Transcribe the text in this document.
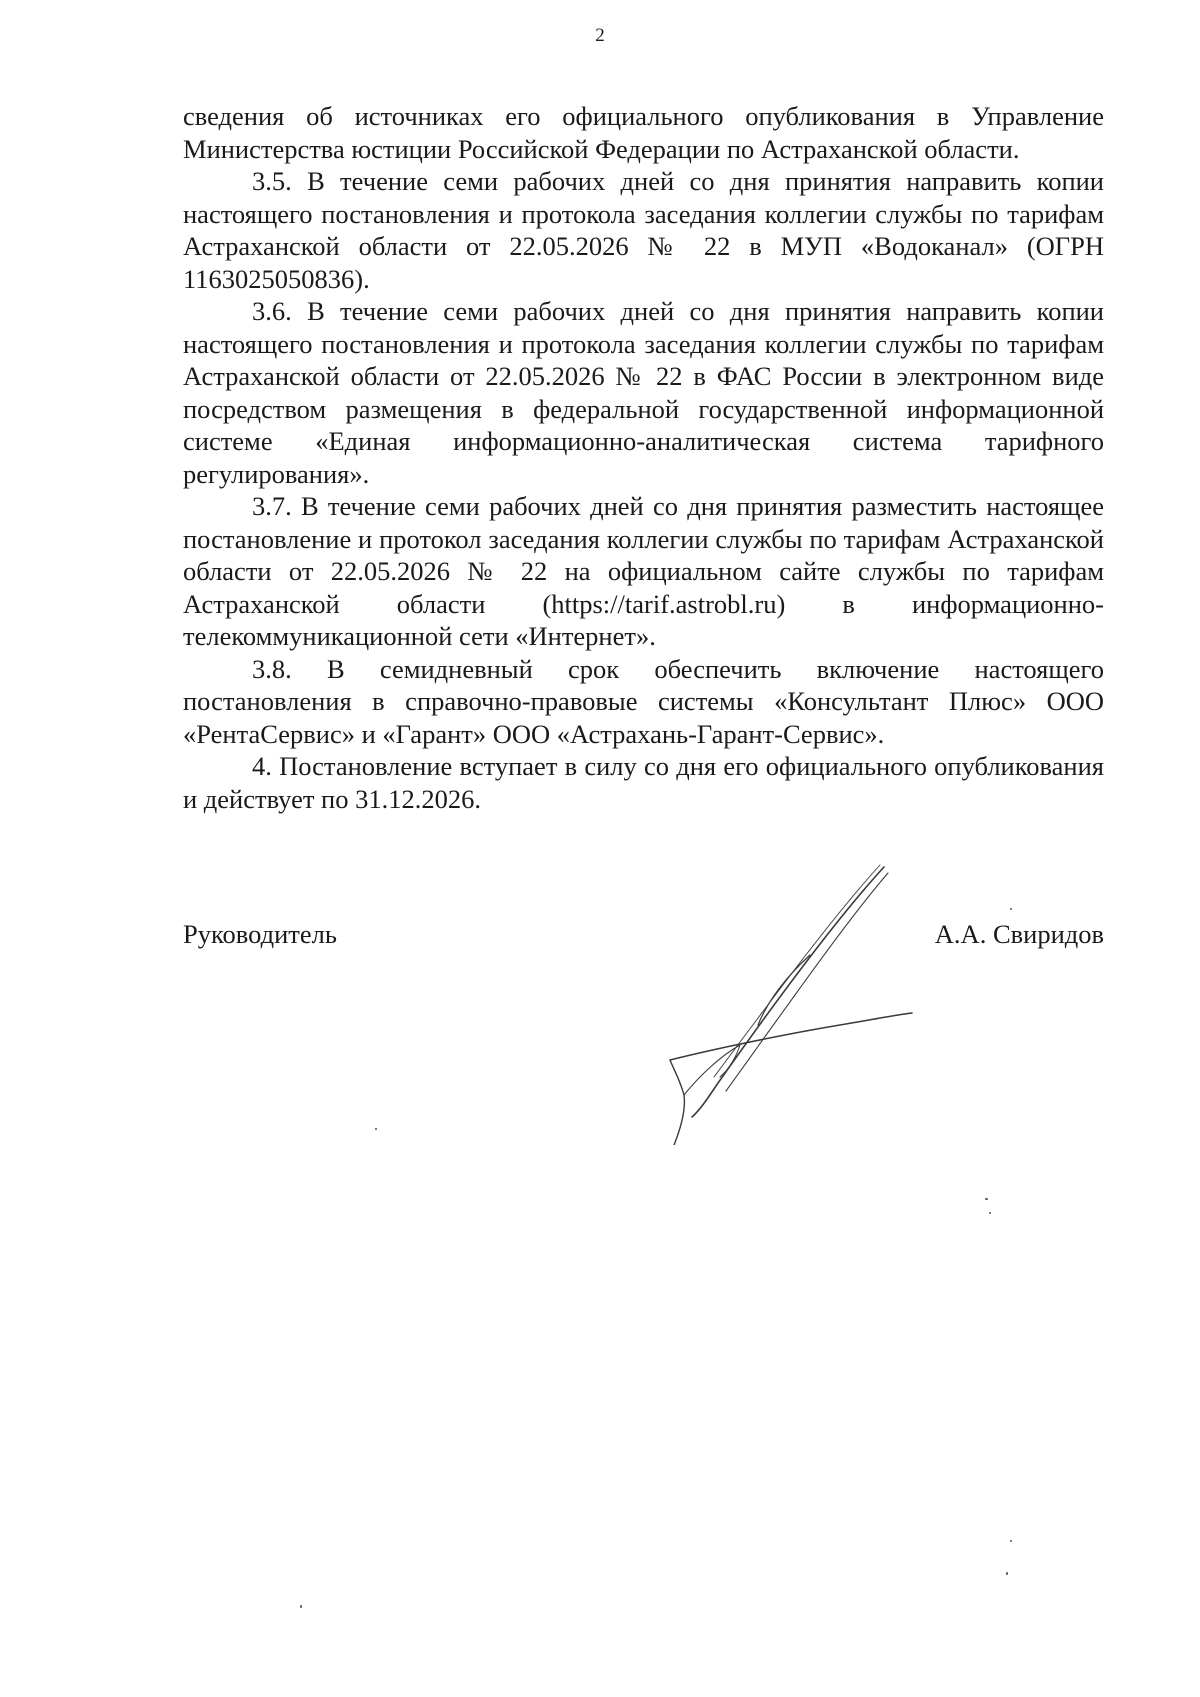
2

сведения об источниках его официального опубликования в Управление Министерства юстиции Российской Федерации по Астраханской области.

3.5. В течение семи рабочих дней со дня принятия направить копии настоящего постановления и протокола заседания коллегии службы по тарифам Астраханской области от 22.05.2026 № 22 в МУП «Водоканал» (ОГРН 1163025050836).

3.6. В течение семи рабочих дней со дня принятия направить копии настоящего постановления и протокола заседания коллегии службы по тарифам Астраханской области от 22.05.2026 № 22 в ФАС России в электронном виде посредством размещения в федеральной государственной информационной системе «Единая информационно-аналитическая система тарифного регулирования».

3.7. В течение семи рабочих дней со дня принятия разместить настоящее постановление и протокол заседания коллегии службы по тарифам Астраханской области от 22.05.2026 № 22 на официальном сайте службы по тарифам Астраханской области (https://tarif.astrobl.ru) в информационно-телекоммуникационной сети «Интернет».

3.8. В семидневный срок обеспечить включение настоящего постановления в справочно-правовые системы «Консультант Плюс» ООО «РентаСервис» и «Гарант» ООО «Астрахань-Гарант-Сервис».

4. Постановление вступает в силу со дня его официального опубликования и действует по 31.12.2026.

Руководитель	А.А. Свиридов
